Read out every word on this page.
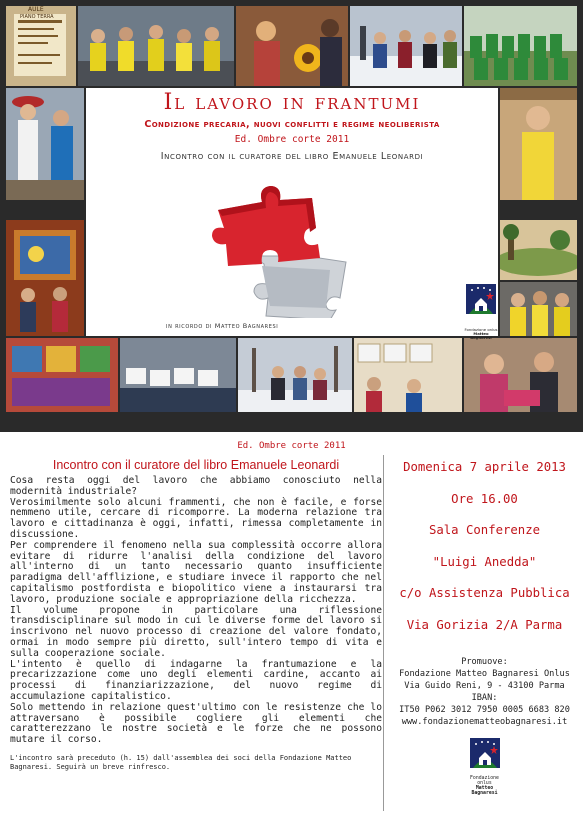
AULE
PIANO TERRA
Il lavoro in frantumi
Condizione precaria, nuovi conflitti e regime neoliberista
Ed. Ombre corte 2011
Incontro con il curatore del libro Emanuele Leonardi
in ricordo di Matteo Bagnaresi	Fondazione onlus
Matteo
Bagnaresi
Ed. Ombre corte 2011
Incontro con il curatore del libro Emanuele Leonardi

Cosa resta oggi del lavoro che abbiamo conosciuto nella modernità industriale?

Verosimilmente solo alcuni frammenti, che non è facile, e forse nemmeno utile, cercare di ricomporre. La moderna relazione tra lavoro e cittadinanza è oggi, infatti, rimessa completamente in discussione.

Per comprendere il fenomeno nella sua complessità occorre allora evitare di ridurre l'analisi della condizione del lavoro all'interno di un tanto necessario quanto insufficiente paradigma dell'afflizione, e studiare invece il rapporto che nel capitalismo postfordista e biopolitico viene a instaurarsi tra lavoro, produzione sociale e appropriazione della ricchezza.

Il volume propone in particolare una riflessione transdisciplinare sul modo in cui le diverse forme del lavoro si inscrivono nel nuovo processo di creazione del valore fondato, ormai in modo sempre più diretto, sull'intero tempo di vita e sulla cooperazione sociale.

L'intento è quello di indagarne la frantumazione e la precarizzazione come uno degli elementi cardine, accanto ai processi di finanziarizzazione, del nuovo regime di accumulazione capitalistico.

Solo mettendo in relazione quest'ultimo con le resistenze che lo attraversano è possibile cogliere gli elementi che caratterezzano le nostre società e le forze che ne possono mutare il corso.

L'incontro sarà preceduto (h. 15) dall'assemblea dei soci della Fondazione Matteo Bagnaresi. Seguirà un breve rinfresco.
Domenica 7 aprile 2013
Ore 16.00
Sala Conferenze
"Luigi Anedda"
c/o Assistenza Pubblica
Via Gorizia 2/A Parma
Promuove:
Fondazione Matteo Bagnaresi Onlus
Via Guido Reni, 9 - 43100 Parma
IBAN:
IT50 P062 3012 7950 0005 6683 820
www.fondazionematteobagnaresi.it
Fondazione onlus
Matteo
Bagnaresi
